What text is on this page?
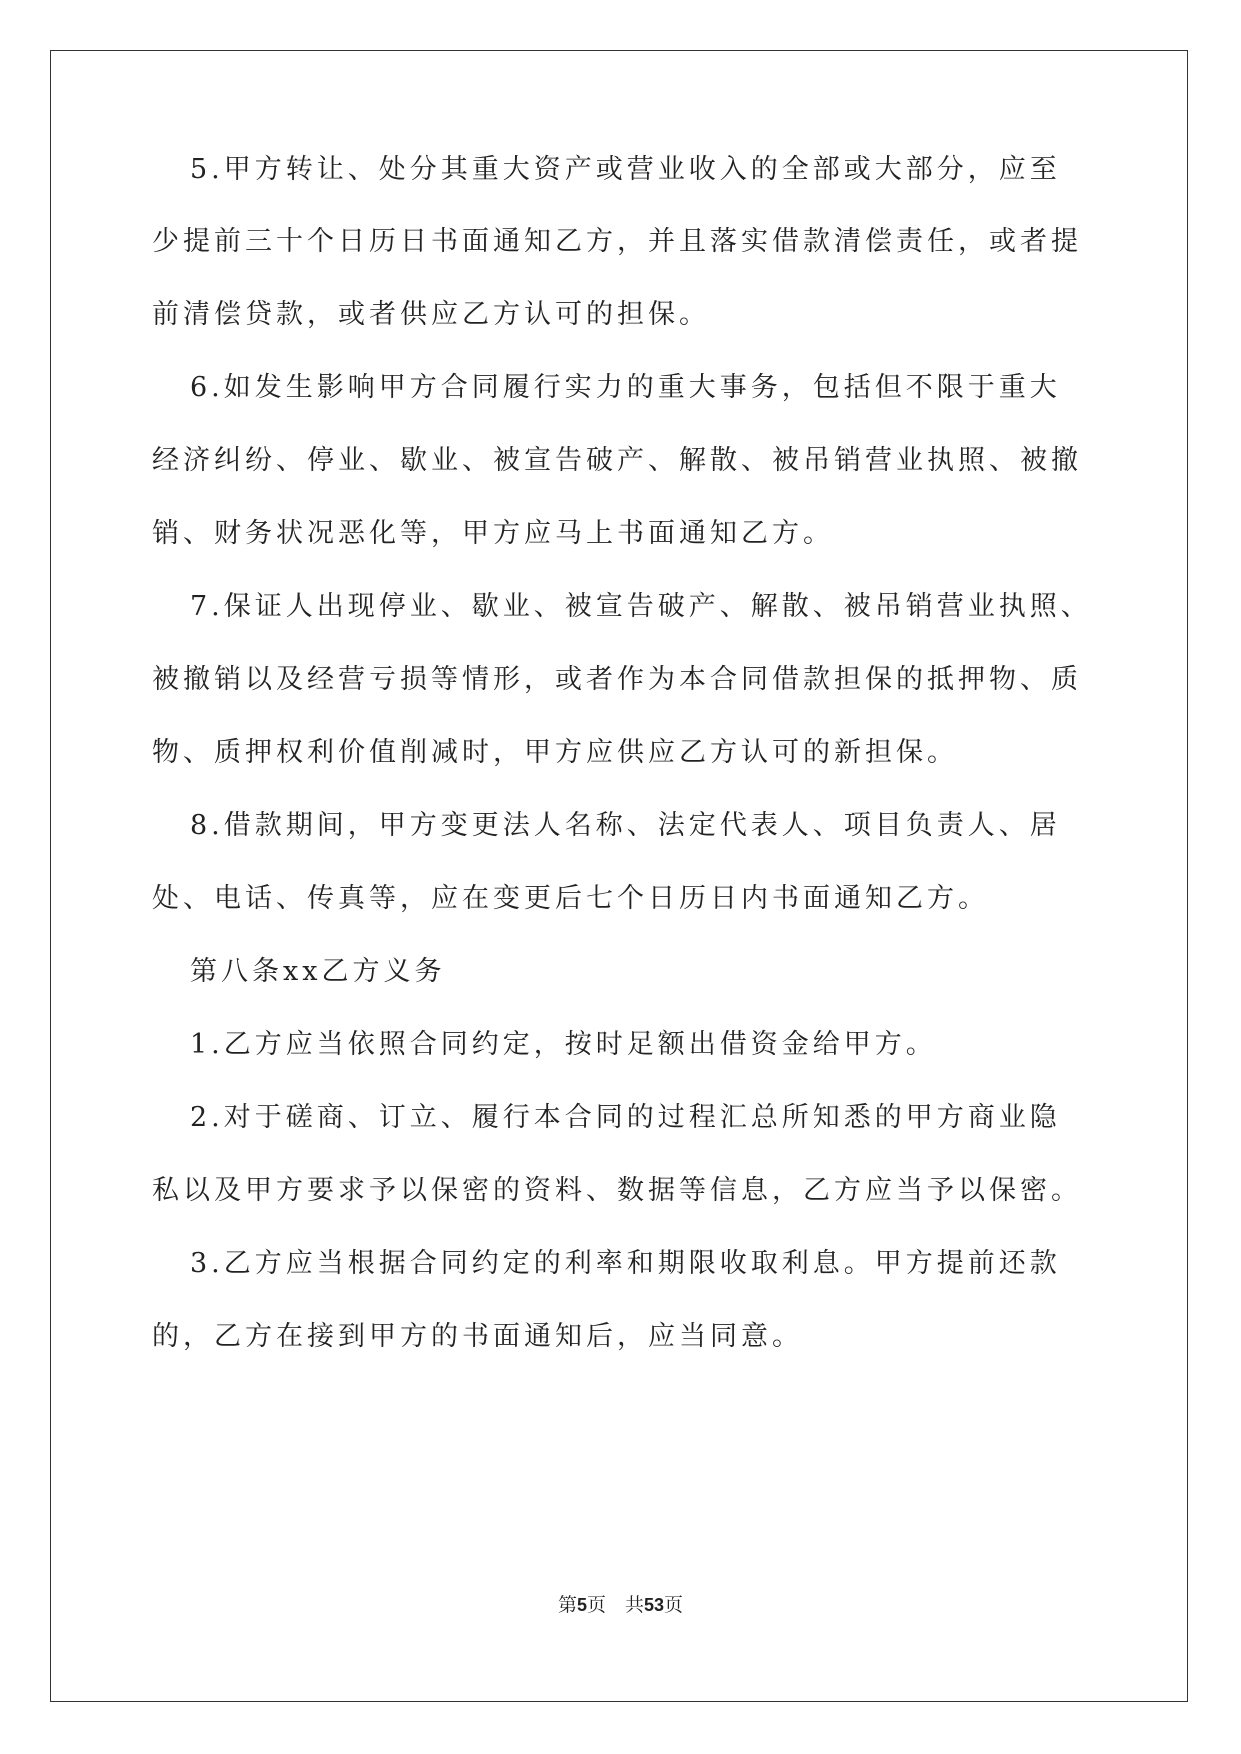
5.甲方转让、处分其重大资产或营业收入的全部或大部分，应至
少提前三十个日历日书面通知乙方，并且落实借款清偿责任，或者提
前清偿贷款，或者供应乙方认可的担保。
6.如发生影响甲方合同履行实力的重大事务，包括但不限于重大
经济纠纷、停业、歇业、被宣告破产、解散、被吊销营业执照、被撤
销、财务状况恶化等，甲方应马上书面通知乙方。
7.保证人出现停业、歇业、被宣告破产、解散、被吊销营业执照、
被撤销以及经营亏损等情形，或者作为本合同借款担保的抵押物、质
物、质押权利价值削减时，甲方应供应乙方认可的新担保。
8.借款期间，甲方变更法人名称、法定代表人、项目负责人、居
处、电话、传真等，应在变更后七个日历日内书面通知乙方。
第八条xx乙方义务
1.乙方应当依照合同约定，按时足额出借资金给甲方。
2.对于磋商、订立、履行本合同的过程汇总所知悉的甲方商业隐
私以及甲方要求予以保密的资料、数据等信息，乙方应当予以保密。
3.乙方应当根据合同约定的利率和期限收取利息。甲方提前还款
的，乙方在接到甲方的书面通知后，应当同意。
第5页　共53页
